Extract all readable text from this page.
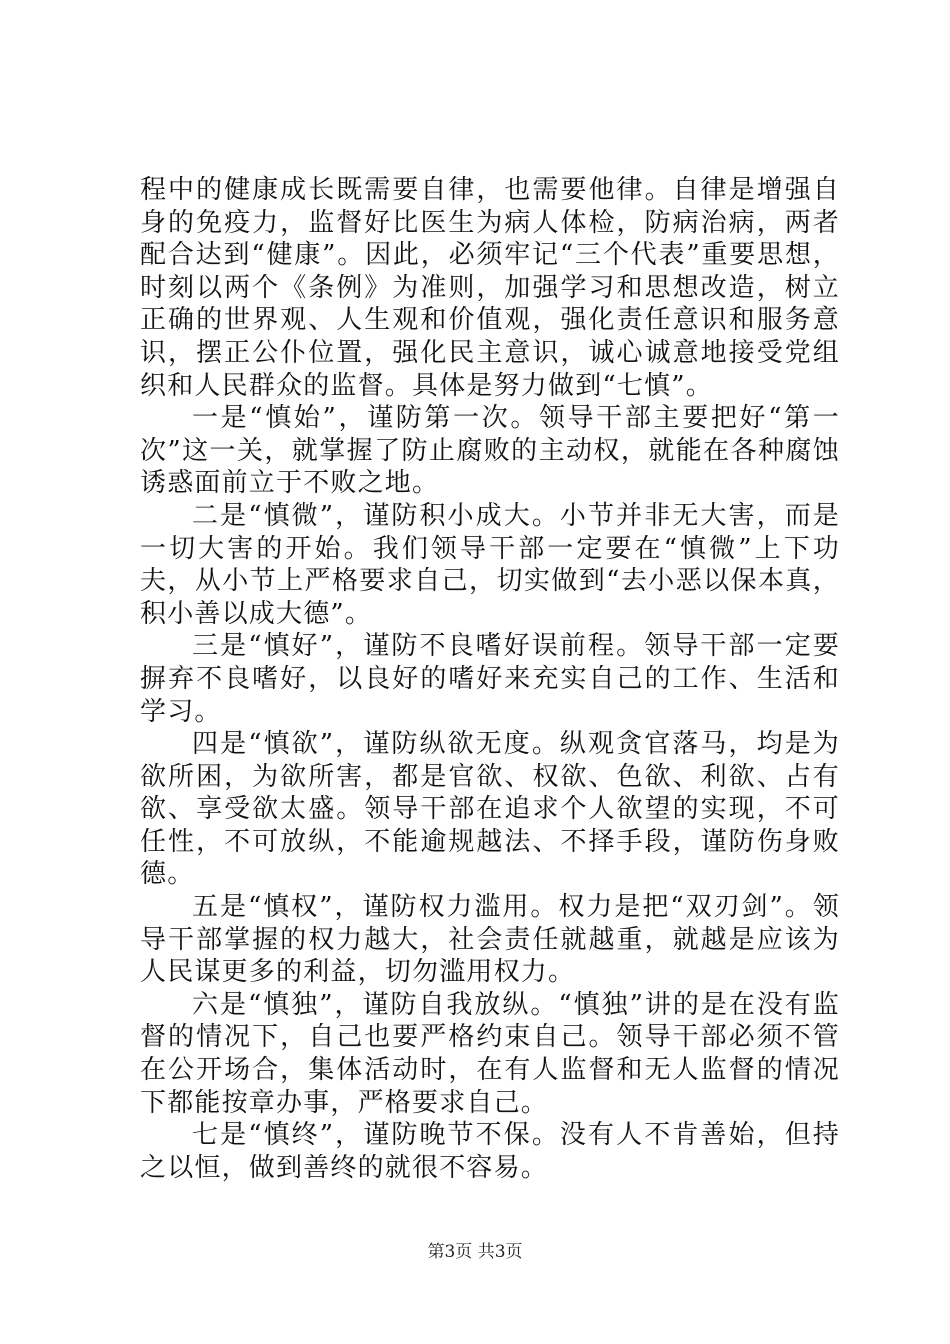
程中的健康成长既需要自律，也需要他律。自律是增强自身的免疫力，监督好比医生为病人体检，防病治病，两者配合达到“健康”。因此，必须牢记“三个代表”重要思想，时刻以两个《条例》为准则，加强学习和思想改造，树立正确的世界观、人生观和价值观，强化责任意识和服务意识，摆正公仆位置，强化民主意识，诚心诚意地接受党组织和人民群众的监督。具体是努力做到“七慎”。

一是“慎始”，谨防第一次。领导干部主要把好“第一次”这一关，就掌握了防止腐败的主动权，就能在各种腐蚀诱惑面前立于不败之地。

二是“慎微”，谨防积小成大。小节并非无大害，而是一切大害的开始。我们领导干部一定要在“慎微”上下功夫，从小节上严格要求自己，切实做到“去小恶以保本真，积小善以成大德”。

三是“慎好”，谨防不良嗜好误前程。领导干部一定要摒弃不良嗜好，以良好的嗜好来充实自己的工作、生活和学习。

四是“慎欲”，谨防纵欲无度。纵观贪官落马，均是为欲所困，为欲所害，都是官欲、权欲、色欲、利欲、占有欲、享受欲太盛。领导干部在追求个人欲望的实现，不可任性，不可放纵，不能逾规越法、不择手段，谨防伤身败德。

五是“慎权”，谨防权力滥用。权力是把“双刃剑”。领导干部掌握的权力越大，社会责任就越重，就越是应该为人民谋更多的利益，切勿滥用权力。

六是“慎独”，谨防自我放纵。“慎独”讲的是在没有监督的情况下，自己也要严格约束自己。领导干部必须不管在公开场合，集体活动时，在有人监督和无人监督的情况下都能按章办事，严格要求自己。

七是“慎终”，谨防晚节不保。没有人不肯善始，但持之以恒，做到善终的就很不容易。

第3页 共3页
